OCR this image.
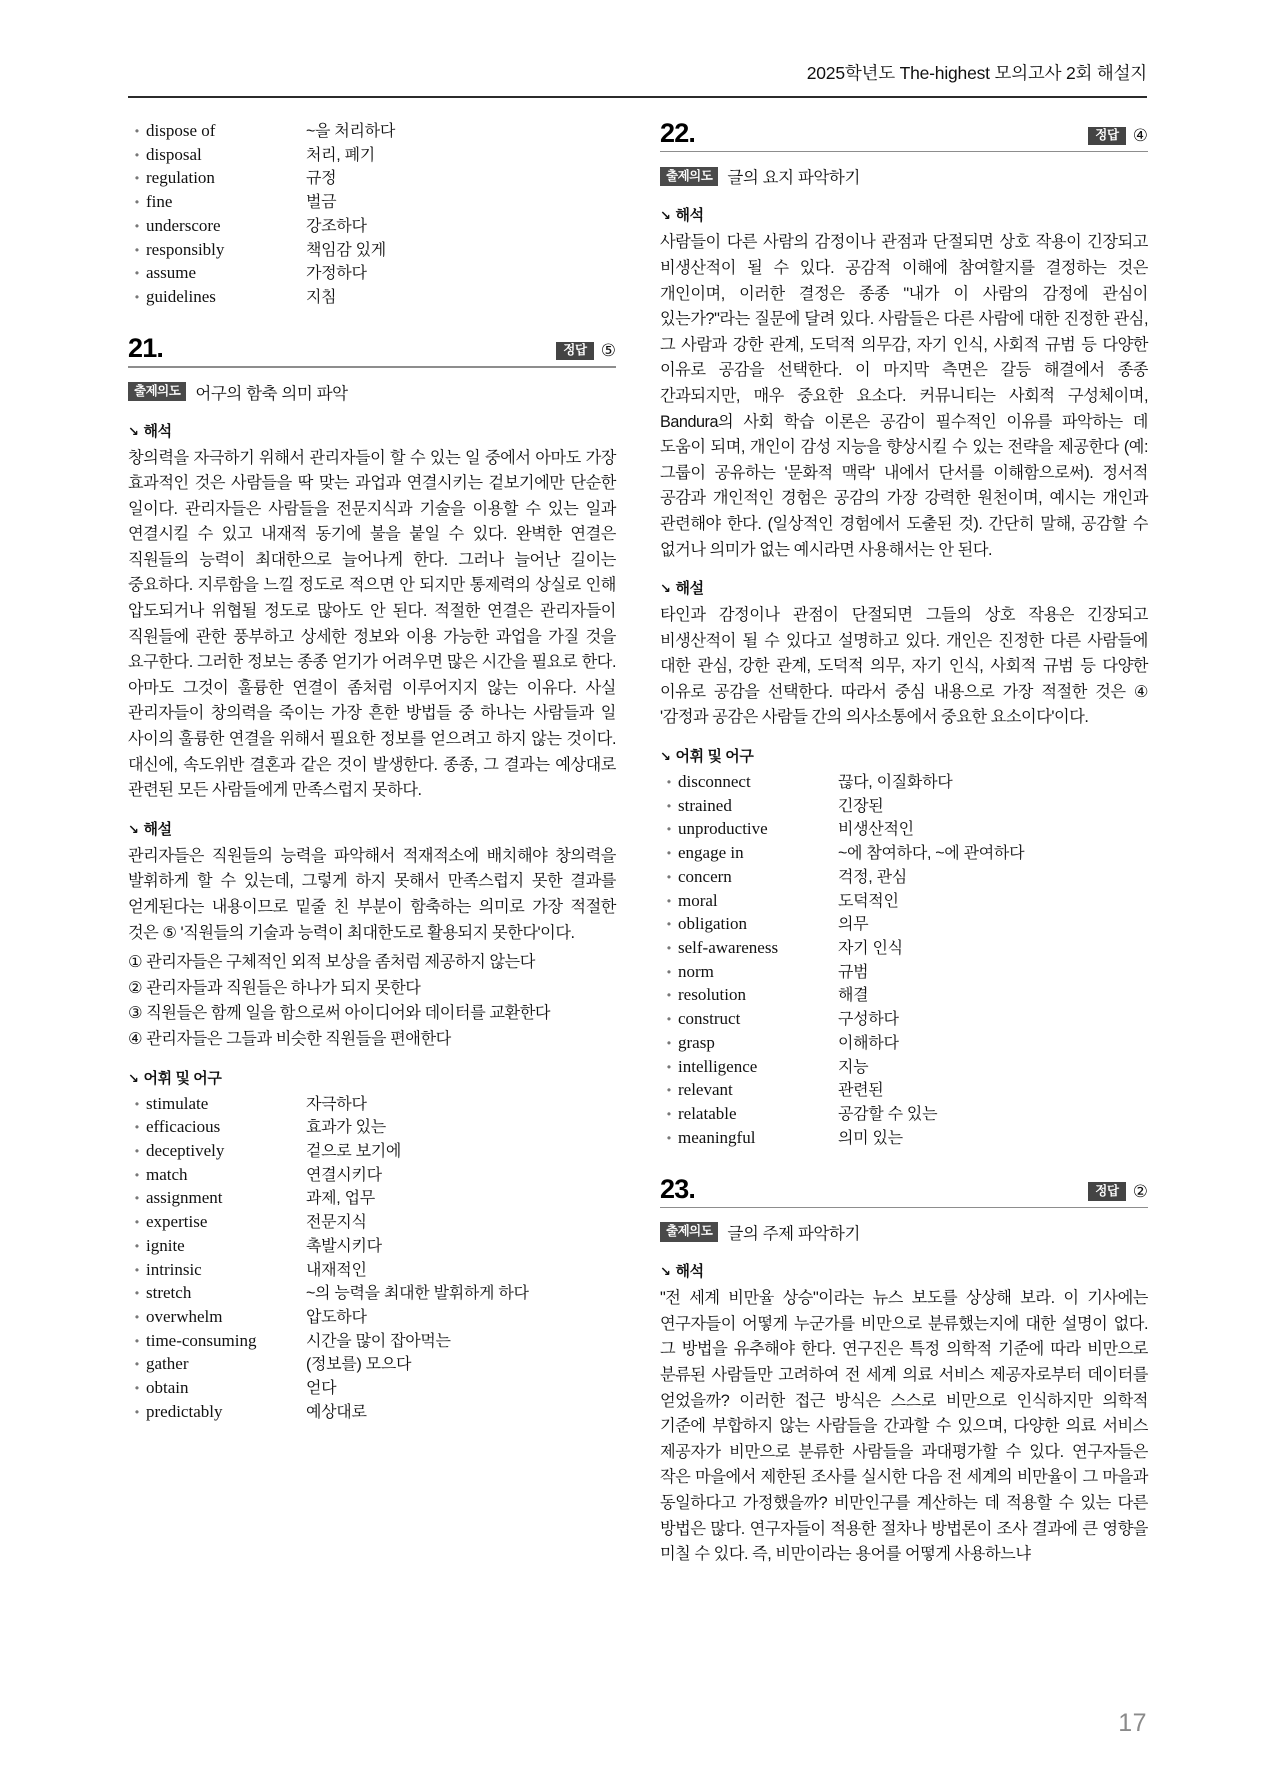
2025학년도 The-highest 모의고사 2회 해설지
• dispose of	~을 처리하다
• disposal	처리, 폐기
• regulation	규정
• fine	벌금
• underscore	강조하다
• responsibly	책임감 있게
• assume	가정하다
• guidelines	지침
21.	정답 ⑤
출제의도 어구의 함축 의미 파악
↘ 해석

창의력을 자극하기 위해서 관리자들이 할 수 있는 일 중에서 아마도 가장 효과적인 것은 사람들을 딱 맞는 과업과 연결시키는 겉보기에만 단순한 일이다. 관리자들은 사람들을 전문지식과 기술을 이용할 수 있는 일과 연결시킬 수 있고 내재적 동기에 불을 붙일 수 있다. 완벽한 연결은 직원들의 능력이 최대한으로 늘어나게 한다. 그러나 늘어난 길이는 중요하다. 지루함을 느낄 정도로 적으면 안 되지만 통제력의 상실로 인해 압도되거나 위협될 정도로 많아도 안 된다. 적절한 연결은 관리자들이 직원들에 관한 풍부하고 상세한 정보와 이용 가능한 과업을 가질 것을 요구한다. 그러한 정보는 종종 얻기가 어려우면 많은 시간을 필요로 한다. 아마도 그것이 훌륭한 연결이 좀처럼 이루어지지 않는 이유다. 사실 관리자들이 창의력을 죽이는 가장 흔한 방법들 중 하나는 사람들과 일 사이의 훌륭한 연결을 위해서 필요한 정보를 얻으려고 하지 않는 것이다. 대신에, 속도위반 결혼과 같은 것이 발생한다. 종종, 그 결과는 예상대로 관련된 모든 사람들에게 만족스럽지 못하다.

↘ 해설

관리자들은 직원들의 능력을 파악해서 적재적소에 배치해야 창의력을 발휘하게 할 수 있는데, 그렇게 하지 못해서 만족스럽지 못한 결과를 얻게된다는 내용이므로 밑줄 친 부분이 함축하는 의미로 가장 적절한 것은 ⑤ '직원들의 기술과 능력이 최대한도로 활용되지 못한다'이다.

① 관리자들은 구체적인 외적 보상을 좀처럼 제공하지 않는다

② 관리자들과 직원들은 하나가 되지 못한다

③ 직원들은 함께 일을 함으로써 아이디어와 데이터를 교환한다

④ 관리자들은 그들과 비슷한 직원들을 편애한다

↘ 어휘 및 어구
• stimulate	자극하다
• efficacious	효과가 있는
• deceptively	겉으로 보기에
• match	연결시키다
• assignment	과제, 업무
• expertise	전문지식
• ignite	촉발시키다
• intrinsic	내재적인
• stretch	~의 능력을 최대한 발휘하게 하다
• overwhelm	압도하다
• time-consuming	시간을 많이 잡아먹는
• gather	(정보를) 모으다
• obtain	얻다
• predictably	예상대로
22.	정답 ④
출제의도 글의 요지 파악하기
↘ 해석

사람들이 다른 사람의 감정이나 관점과 단절되면 상호 작용이 긴장되고 비생산적이 될 수 있다. 공감적 이해에 참여할지를 결정하는 것은 개인이며, 이러한 결정은 종종 "내가 이 사람의 감정에 관심이 있는가?"라는 질문에 달려 있다. 사람들은 다른 사람에 대한 진정한 관심, 그 사람과 강한 관계, 도덕적 의무감, 자기 인식, 사회적 규범 등 다양한 이유로 공감을 선택한다. 이 마지막 측면은 갈등 해결에서 종종 간과되지만, 매우 중요한 요소다. 커뮤니티는 사회적 구성체이며, Bandura의 사회 학습 이론은 공감이 필수적인 이유를 파악하는 데 도움이 되며, 개인이 감성 지능을 향상시킬 수 있는 전략을 제공한다 (예: 그룹이 공유하는 '문화적 맥락' 내에서 단서를 이해함으로써). 정서적 공감과 개인적인 경험은 공감의 가장 강력한 원천이며, 예시는 개인과 관련해야 한다. (일상적인 경험에서 도출된 것). 간단히 말해, 공감할 수 없거나 의미가 없는 예시라면 사용해서는 안 된다.

↘ 해설

타인과 감정이나 관점이 단절되면 그들의 상호 작용은 긴장되고 비생산적이 될 수 있다고 설명하고 있다. 개인은 진정한 다른 사람들에 대한 관심, 강한 관계, 도덕적 의무, 자기 인식, 사회적 규범 등 다양한 이유로 공감을 선택한다. 따라서 중심 내용으로 가장 적절한 것은 ④ '감정과 공감은 사람들 간의 의사소통에서 중요한 요소이다'이다.

↘ 어휘 및 어구
• disconnect	끊다, 이질화하다
• strained	긴장된
• unproductive	비생산적인
• engage in	~에 참여하다, ~에 관여하다
• concern	걱정, 관심
• moral	도덕적인
• obligation	의무
• self-awareness	자기 인식
• norm	규범
• resolution	해결
• construct	구성하다
• grasp	이해하다
• intelligence	지능
• relevant	관련된
• relatable	공감할 수 있는
• meaningful	의미 있는
23.	정답 ②
출제의도 글의 주제 파악하기
↘ 해석

"전 세계 비만율 상승"이라는 뉴스 보도를 상상해 보라. 이 기사에는 연구자들이 어떻게 누군가를 비만으로 분류했는지에 대한 설명이 없다. 그 방법을 유추해야 한다. 연구진은 특정 의학적 기준에 따라 비만으로 분류된 사람들만 고려하여 전 세계 의료 서비스 제공자로부터 데이터를 얻었을까? 이러한 접근 방식은 스스로 비만으로 인식하지만 의학적 기준에 부합하지 않는 사람들을 간과할 수 있으며, 다양한 의료 서비스 제공자가 비만으로 분류한 사람들을 과대평가할 수 있다. 연구자들은 작은 마을에서 제한된 조사를 실시한 다음 전 세계의 비만율이 그 마을과 동일하다고 가정했을까? 비만인구를 계산하는 데 적용할 수 있는 다른 방법은 많다. 연구자들이 적용한 절차나 방법론이 조사 결과에 큰 영향을 미칠 수 있다. 즉, 비만이라는 용어를 어떻게 사용하느냐

17
